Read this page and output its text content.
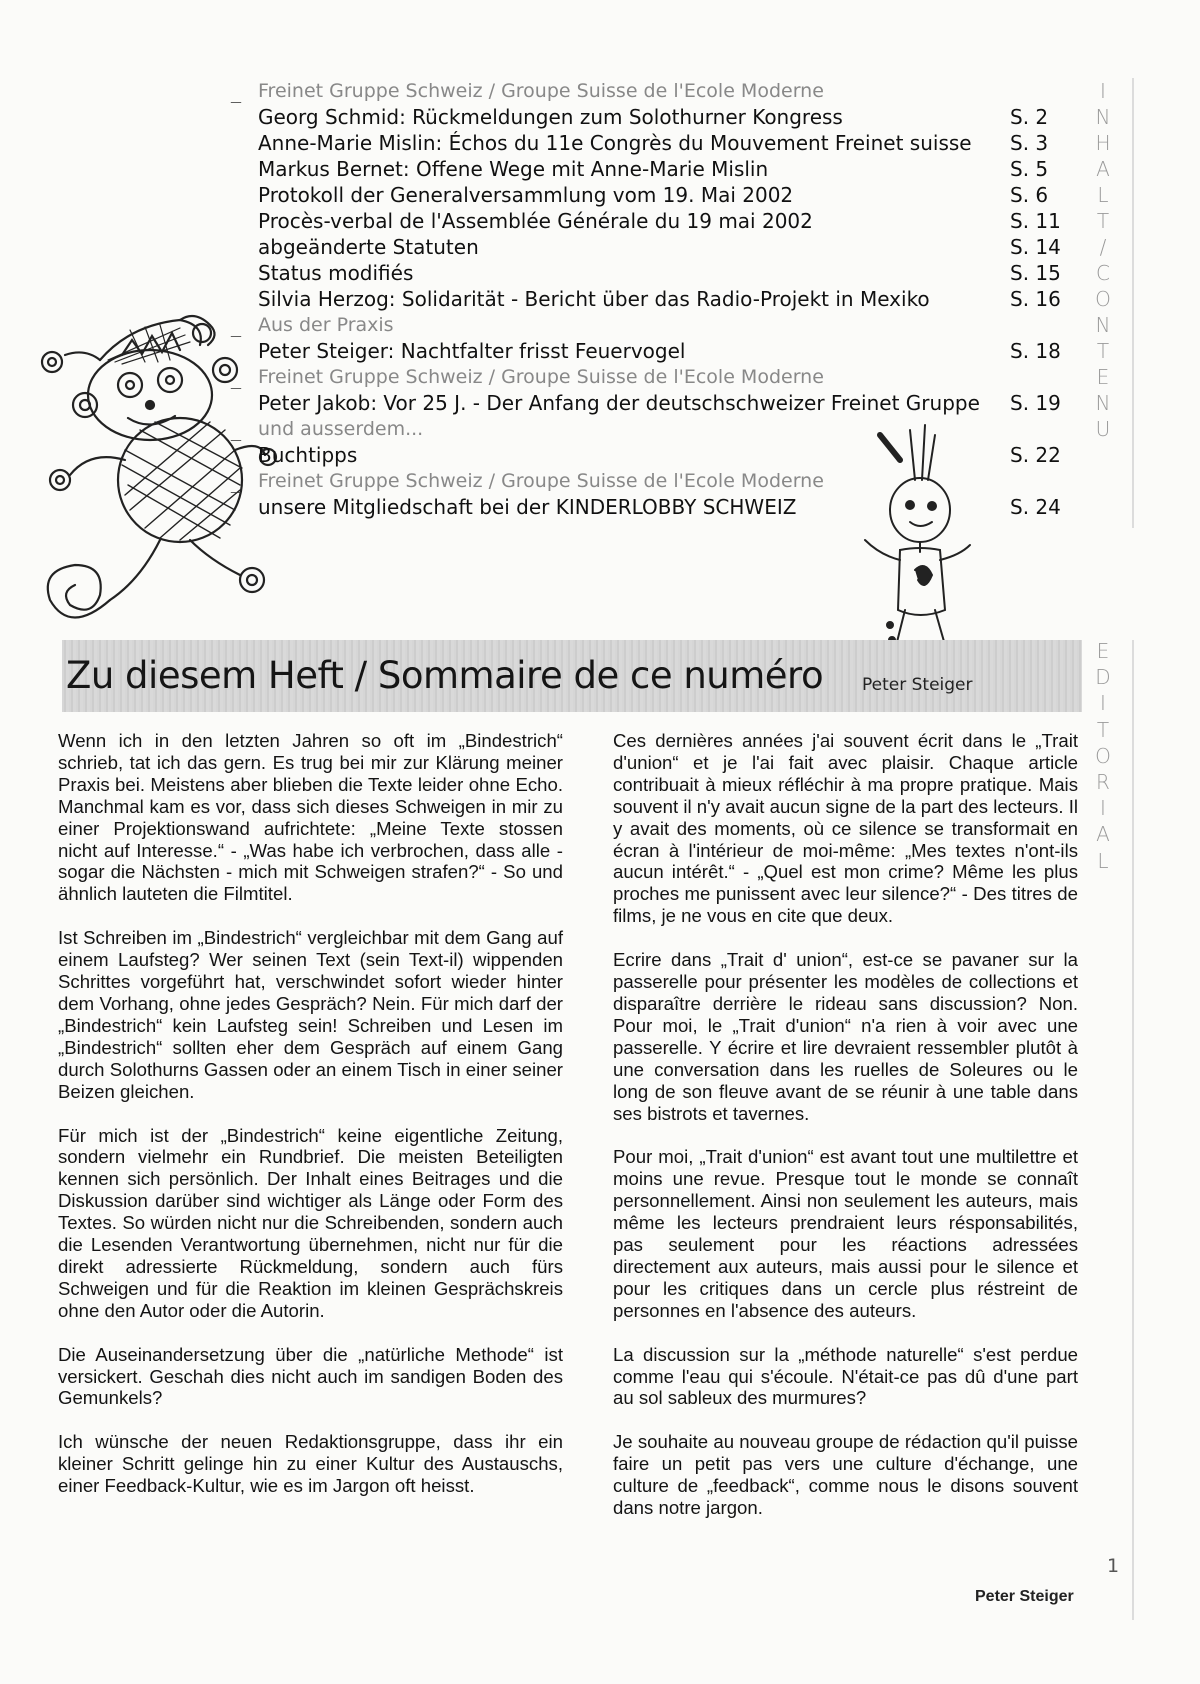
_ Freinet Gruppe Schweiz / Groupe Suisse de l'Ecole Moderne
Georg Schmid: Rückmeldungen zum Solothurner Kongress	S. 2
Anne-Marie Mislin: Échos du 11e Congrès du Mouvement Freinet suisse S. 3
Markus Bernet: Offene Wege mit Anne-Marie Mislin	S. 5
Protokoll der Generalversammlung vom 19. Mai 2002	S. 6
Procès-verbal de l'Assemblée Générale du 19 mai 2002	S. 11
abgeänderte Statuten	S. 14
Status modifiés	S. 15
Silvia Herzog: Solidarität - Bericht über das Radio-Projekt in Mexiko	S. 16
_ Aus der Praxis
Peter Steiger: Nachtfalter frisst Feuervogel	S. 18
_ Freinet Gruppe Schweiz / Groupe Suisse de l'Ecole Moderne
Peter Jakob: Vor 25 J. - Der Anfang der deutschschweizer Freinet Gruppe S. 19
_ und ausserdem...
Buchtipps	S. 22
_ Freinet Gruppe Schweiz / Groupe Suisse de l'Ecole Moderne
unsere Mitgliedschaft bei der KINDERLOBBY SCHWEIZ	S. 24
I
N
H
A
L
T
/
C
O
N
T
E
N
U
E
D
I
T
O
R
I
A
L
Zu diesem Heft / Sommaire de ce numéro Peter Steiger

Wenn ich in den letzten Jahren so oft im „Bindestrich“ schrieb, tat ich das gern. Es trug bei mir zur Klärung meiner Praxis bei. Meistens aber blieben die Texte leider ohne Echo. Manchmal kam es vor, dass sich dieses Schweigen in mir zu einer Projektionswand aufrichtete: „Meine Texte stossen nicht auf Interesse.“ - „Was habe ich verbrochen, dass alle - sogar die Nächsten - mich mit Schweigen strafen?“ - So und ähnlich lauteten die Filmtitel.

Ist Schreiben im „Bindestrich“ vergleichbar mit dem Gang auf einem Laufsteg? Wer seinen Text (sein Text-il) wippenden Schrittes vorgeführt hat, verschwindet sofort wieder hinter dem Vorhang, ohne jedes Gespräch? Nein. Für mich darf der „Bindestrich“ kein Laufsteg sein! Schreiben und Lesen im „Bindestrich“ sollten eher dem Gespräch auf einem Gang durch Solothurns Gassen oder an einem Tisch in einer seiner Beizen gleichen.

Für mich ist der „Bindestrich“ keine eigentliche Zeitung, sondern vielmehr ein Rundbrief. Die meisten Beteiligten kennen sich persönlich. Der Inhalt eines Beitrages und die Diskussion darüber sind wichtiger als Länge oder Form des Textes. So würden nicht nur die Schreibenden, sondern auch die Lesenden Verantwortung übernehmen, nicht nur für die direkt adressierte Rückmeldung, sondern auch fürs Schweigen und für die Reaktion im kleinen Gesprächskreis ohne den Autor oder die Autorin.

Die Auseinandersetzung über die „natürliche Methode“ ist versickert. Geschah dies nicht auch im sandigen Boden des Gemunkels?

Ich wünsche der neuen Redaktionsgruppe, dass ihr ein kleiner Schritt gelinge hin zu einer Kultur des Austauschs, einer Feedback-Kultur, wie es im Jargon oft heisst.

Ces dernières années j'ai souvent écrit dans le „Trait d'union“ et je l'ai fait avec plaisir. Chaque article contribuait à mieux réfléchir à ma propre pratique. Mais souvent il n'y avait aucun signe de la part des lecteurs. Il y avait des moments, où ce silence se transformait en écran à l'intérieur de moi-même: „Mes textes n'ont-ils aucun intérêt.“ - „Quel est mon crime? Même les plus proches me punissent avec leur silence?“ - Des titres de films, je ne vous en cite que deux.

Ecrire dans „Trait d' union“, est-ce se pavaner sur la passerelle pour présenter les modèles de collections et disparaître derrière le rideau sans discussion? Non. Pour moi, le „Trait d'union“ n'a rien à voir avec une passerelle. Y écrire et lire devraient ressembler plutôt à une conversation dans les ruelles de Soleures ou le long de son fleuve avant de se réunir à une table dans ses bistrots et tavernes.

Pour moi, „Trait d'union“ est avant tout une multilettre et moins une revue. Presque tout le monde se connaît personnellement. Ainsi non seulement les auteurs, mais même les lecteurs prendraient leurs résponsabilités, pas seulement pour les réactions adressées directement aux auteurs, mais aussi pour le silence et pour les critiques dans un cercle plus réstreint de personnes en l'absence des auteurs.

La discussion sur la „méthode naturelle“ s'est perdue comme l'eau qui s'écoule. N'était-ce pas dû d'une part au sol sableux des murmures?

Je souhaite au nouveau groupe de rédaction qu'il puisse faire un petit pas vers une culture d'échange, une culture de „feedback“, comme nous le disons souvent dans notre jargon.

Peter Steiger
1
